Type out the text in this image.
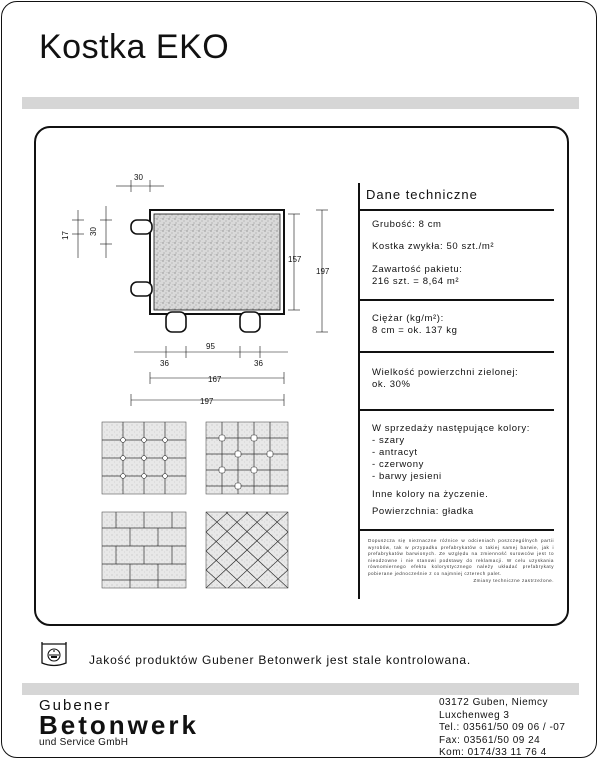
Kostka EKO
30
17 30
157
197
36
95
36
167
197
Dane techniczne
Grubość: 8 cm
Kostka zwykła: 50 szt./m²
Zawartość pakietu:
216 szt. = 8,64 m²
Ciężar (kg/m²):
8 cm = ok. 137 kg
Wielkość powierzchni zielonej:
ok. 30%
W sprzedaży następujące kolory:
- szary
- antracyt
- czerwony
- barwy jesieni
Inne kolory na życzenie.
Powierzchnia: gładka
Dopuszcza się nieznaczne różnice w odcieniach poszczególnych partii wyrobów, tak w przypadku prefabrykatów o takiej samej barwie, jak i prefabrykatów barwionych. Ze względu na zmienność surowców jest to nieodzowne i nie stanowi podstawy do reklamacji. W celu uzyskania równomiernego efektu kolorystycznego należy układać prefabrykaty pobierane jednocześnie z co najmniej czterech palet.
Zmiany techniczne zastrzeżone.
Jakość produktów Gubener Betonwerk jest stale kontrolowana.
Gubener
Betonwerk
und Service GmbH
03172 Guben, Niemcy
Luxchenweg 3
Tel.: 03561/50 09 06 / -07
Fax: 03561/50 09 24
Kom: 0174/33 11 76 4
